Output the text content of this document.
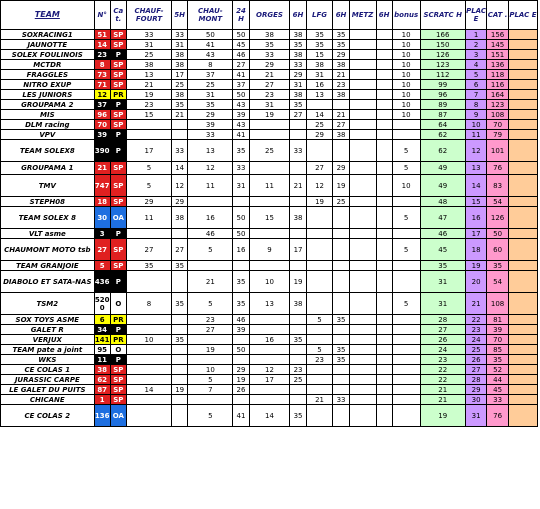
TEAM	N°	Ca t.	CHAUF-FOURT	5H	CHAU-MONT	24 H	ORGES	6H	LFG	6H	METZ	6H	bonus	SCRATC H	PLAC E	CAT .	PLAC E
SOXRACING1	51	SP	33	33	50	50	38	38	35	35			10	166	1	156	
JAUNOTTE	14	SP	31	31	41	45	35	35	35	35			10	150	2	145	
SOLEX FOULINOIS	23	P	25	38	43	46	33	38	15	29			10	126	3	151	
MCTDR	8	SP	38	38	8	27	29	33	38	38			10	123	4	136	
FRAGGLES	73	SP	13	17	37	41	21	29	31	21			10	112	5	118	
NITRO EXUP	71	SP	21	25	25	37	27	31	16	23			10	99	6	116	
LES JUNIORS	12	PR	19	38	31	50	23	38	13	38			10	96	7	164	
GROUPAMA 2	37	P	23	35	35	43	31	35					10	89	8	123	
MIS	96	SP	15	21	29	39	19	27	14	21			10	87	9	108	
DLM racing	70	SP			39	43			25	27				64	10	70	
VPV	39	P			33	41			29	38				62	11	79	
TEAM SOLEX8	390	P	17	33	13	35	25	33					5	62	12	101	
GROUPAMA 1	21	SP	5	14	12	33			27	29			5	49	13	76	
TMV	747	SP	5	12	11	31	11	21	12	19			10	49	14	83	
STEPH08	18	SP	29	29					19	25				48	15	54	
TEAM SOLEX 8	30	OA	11	38	16	50	15	38					5	47	16	126	
VLT asme	3	P			46	50								46	17	50	
CHAUMONT MOTO tsb	27	SP	27	27	5	16	9	17					5	45	18	60	
TEAM GRANJOIE	5	SP	35	35										35	19	35	
DIABOLO ET SATA-NAS	436	P			21	35	10	19						31	20	54	
TSM2	5200	O	8	35	5	35	13	38					5	31	21	108	
SOX TOYS ASME	6	PR			23	46			5	35				28	22	81	
GALET R	34	P			27	39								27	23	39	
VERJUX	141	PR	10	35			16	35						26	24	70	
TEAM pate a joint	95	O			19	50			5	35				24	25	85	
WKS	11	P							23	35				23	26	35	
CE COLAS 1	38	SP			10	29	12	23						22	27	52	
JURASSIC CARPE	62	SP			5	19	17	25						22	28	44	
LE GALET DU PUITS	87	SP	14	19	7	26								21	29	45	
CHICANE	1	SP							21	33				21	30	33	
CE COLAS 2	136	OA			5	41	14	35						19	31	76	
